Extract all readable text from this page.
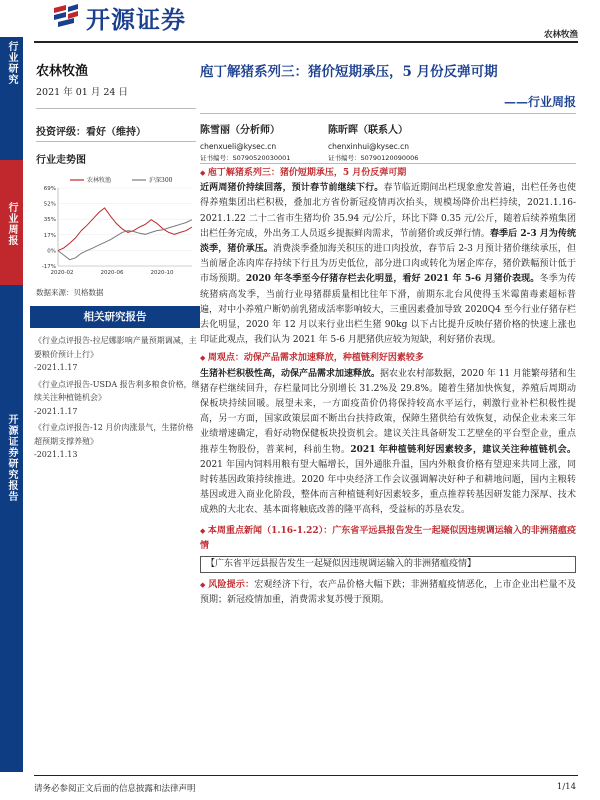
开源证券
农林牧渔
行业研究
行业周报
开源证券研究报告
农林牧渔
2021 年 01 月 24 日
投资评级：看好（维持）
行业走势图
-17%
0%
17%
35%
52%
69%
2020-02	2020-06	2020-10
农林牧渔	沪深300
数据来源：贝格数据
相关研究报告
《行业点评报告-拉尼娜影响产量预期调减，主要粮价预计上行》
-2021.1.17
《行业点评报告-USDA 报告利多粮食价格，继续关注种植链机会》
-2021.1.17
《行业点评报告-12 月价肉涨景气，生猪价格超预期支撑养殖》
-2021.1.13
庖丁解猪系列三：猪价短期承压，5 月份反弹可期
——行业周报
陈雪丽（分析师）
chenxueli@kysec.cn
证书编号：S0790520030001
陈昕晖（联系人）
chenxinhui@kysec.cn
证书编号：S0790120090006
◆ 庖丁解猪系列三：猪价短期承压，5 月份反弹可期

近两周猪价持续回落，预计春节前继续下行。春节临近期间出栏现象愈发普遍，出栏任务也使得养殖集团出栏积极，叠加北方省份新冠疫情再次抬头，规模场降价出栏持续，2021.1.16-2021.1.22 二十二省市生猪均价 35.94 元/公斤，环比下降 0.35 元/公斤，随着后续养殖集团出栏任务完成，外出务工人员返乡提振鲜肉需求，节前猪价或反弹行情。春季后 2-3 月为传统淡季，猪价承压。消费淡季叠加海关积压的进口肉投放，春节后 2-3 月预计猪价继续承压，但当前屠企冻肉库存持续下行且为历史低位，部分进口肉或转化为屠企库存，猪价跌幅预计低于市场预期。2020 年冬季至今仔猪存栏去化明显，看好 2021 年 5-6 月猪价表现。冬季为传统猪病高发季，当前行业母猪群质量相比往年下滑，前期东北台风使得玉米霉菌毒素超标普遍，对中小养殖户断奶前乳猪成活率影响较大，三重因素叠加导致 2020Q4 至今行业仔猪存栏去化明显，2020 年 12 月以来行业出栏生猪 90kg 以下占比提升反映仔猪价格的快速上涨也印证此观点，我们认为 2021 年 5-6 月肥猪供应较为短缺，利好猪价表现。

◆ 周观点：动保产品需求加速释放，种植链利好因素较多

生猪补栏积极性高，动保产品需求加速释放。据农业农村部数据，2020 年 11 月能繁母猪和生猪存栏继续回升，存栏量同比分别增长 31.2%及 29.8%。随着生猪加快恢复，养殖后周期动保板块持续回暖。展望未来，一方面疫苗价仍将保持较高水平运行，刺激行业补栏积极性提高，另一方面，国家政策层面不断出台扶持政策，保障生猪供给有效恢复，动保企业未来三年业绩增速确定，看好动物保健板块投资机会。建议关注具备研发工艺壁垒的平台型企业，重点推荐生物股份，普莱柯，科前生物。2021 年种植链利好因素较多，建议关注种植链机会。2021 年国内饲料用粮有望大幅增长，国外通胀升温，国内外粮食价格有望迎来共同上涨，同时转基因政策持续推进。2020 年中央经济工作会议强调解决好种子和耕地问题，国内主粮转基因或进入商业化阶段，整体而言种植链利好因素较多，重点推荐转基因研发能力深厚、技术成熟的大北农、基本面将触底改善的隆平高科，受益标的苏垦农发。

◆ 本周重点新闻（1.16-1.22）：广东省平远县报告发生一起疑似因违规调运输入的非洲猪瘟疫情
【广东省平远县报告发生一起疑似因违规调运输入的非洲猪瘟疫情】

◆ 风险提示：宏观经济下行，农产品价格大幅下跌；非洲猪瘟疫情恶化，上市企业出栏量不及预期；新冠疫情加重，消费需求复苏慢于预期。

请务必参阅正文后面的信息披露和法律声明	1/14
